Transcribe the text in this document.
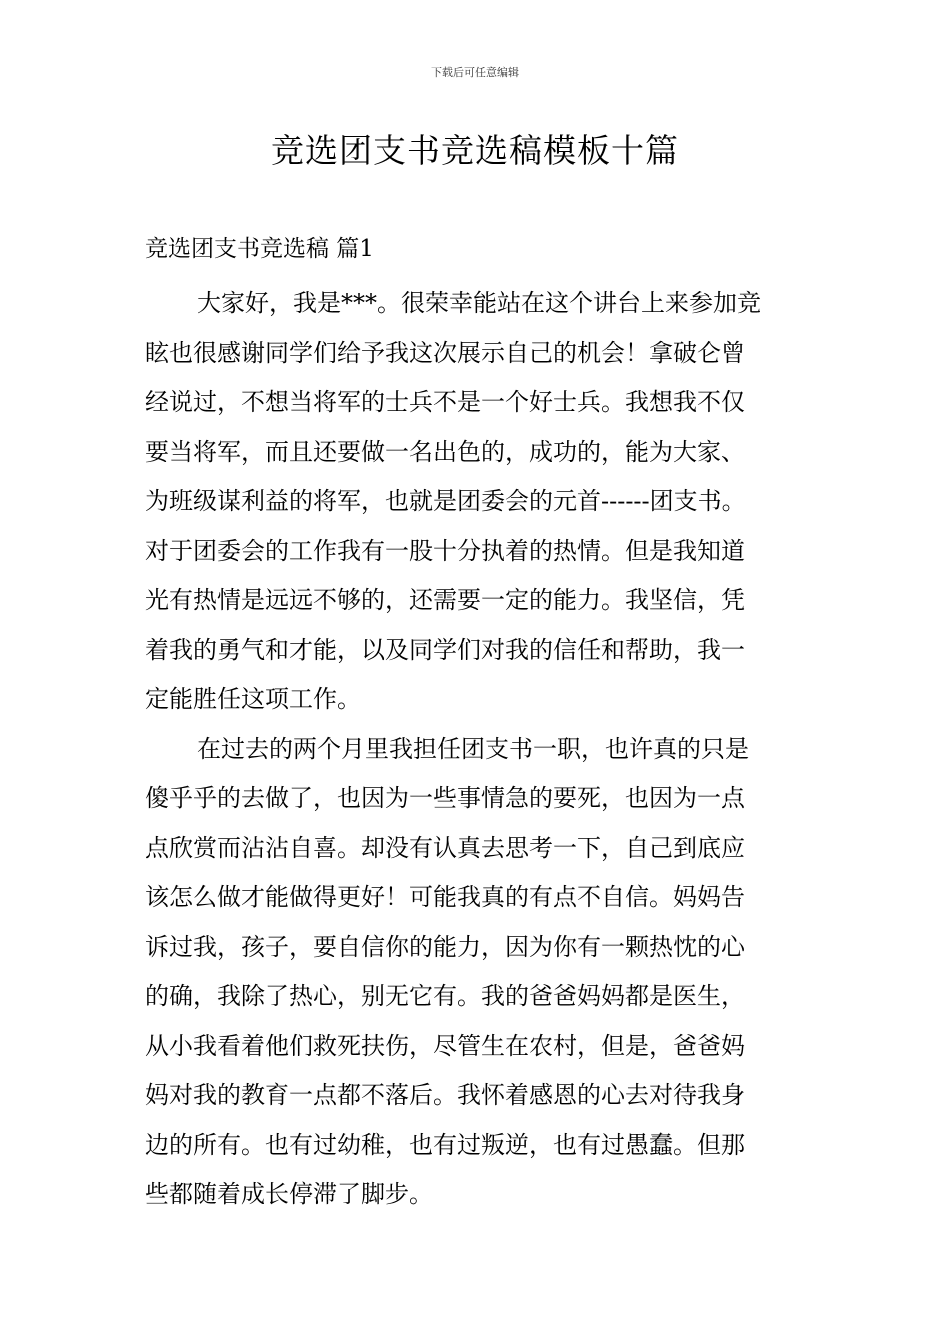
下载后可任意编辑
竞选团支书竞选稿模板十篇
竞选团支书竞选稿 篇1
大家好，我是***。很荣幸能站在这个讲台上来参加竞
眩也很感谢同学们给予我这次展示自己的机会！拿破仑曾
经说过，不想当将军的士兵不是一个好士兵。我想我不仅
要当将军，而且还要做一名出色的，成功的，能为大家、
为班级谋利益的将军，也就是团委会的元首------团支书。
对于团委会的工作我有一股十分执着的热情。但是我知道
光有热情是远远不够的，还需要一定的能力。我坚信，凭
着我的勇气和才能，以及同学们对我的信任和帮助，我一
定能胜任这项工作。
在过去的两个月里我担任团支书一职，也许真的只是
傻乎乎的去做了，也因为一些事情急的要死，也因为一点
点欣赏而沾沾自喜。却没有认真去思考一下，自己到底应
该怎么做才能做得更好！可能我真的有点不自信。妈妈告
诉过我，孩子，要自信你的能力，因为你有一颗热忱的心
的确，我除了热心，别无它有。我的爸爸妈妈都是医生，
从小我看着他们救死扶伤，尽管生在农村，但是，爸爸妈
妈对我的教育一点都不落后。我怀着感恩的心去对待我身
边的所有。也有过幼稚，也有过叛逆，也有过愚蠢。但那
些都随着成长停滞了脚步。
